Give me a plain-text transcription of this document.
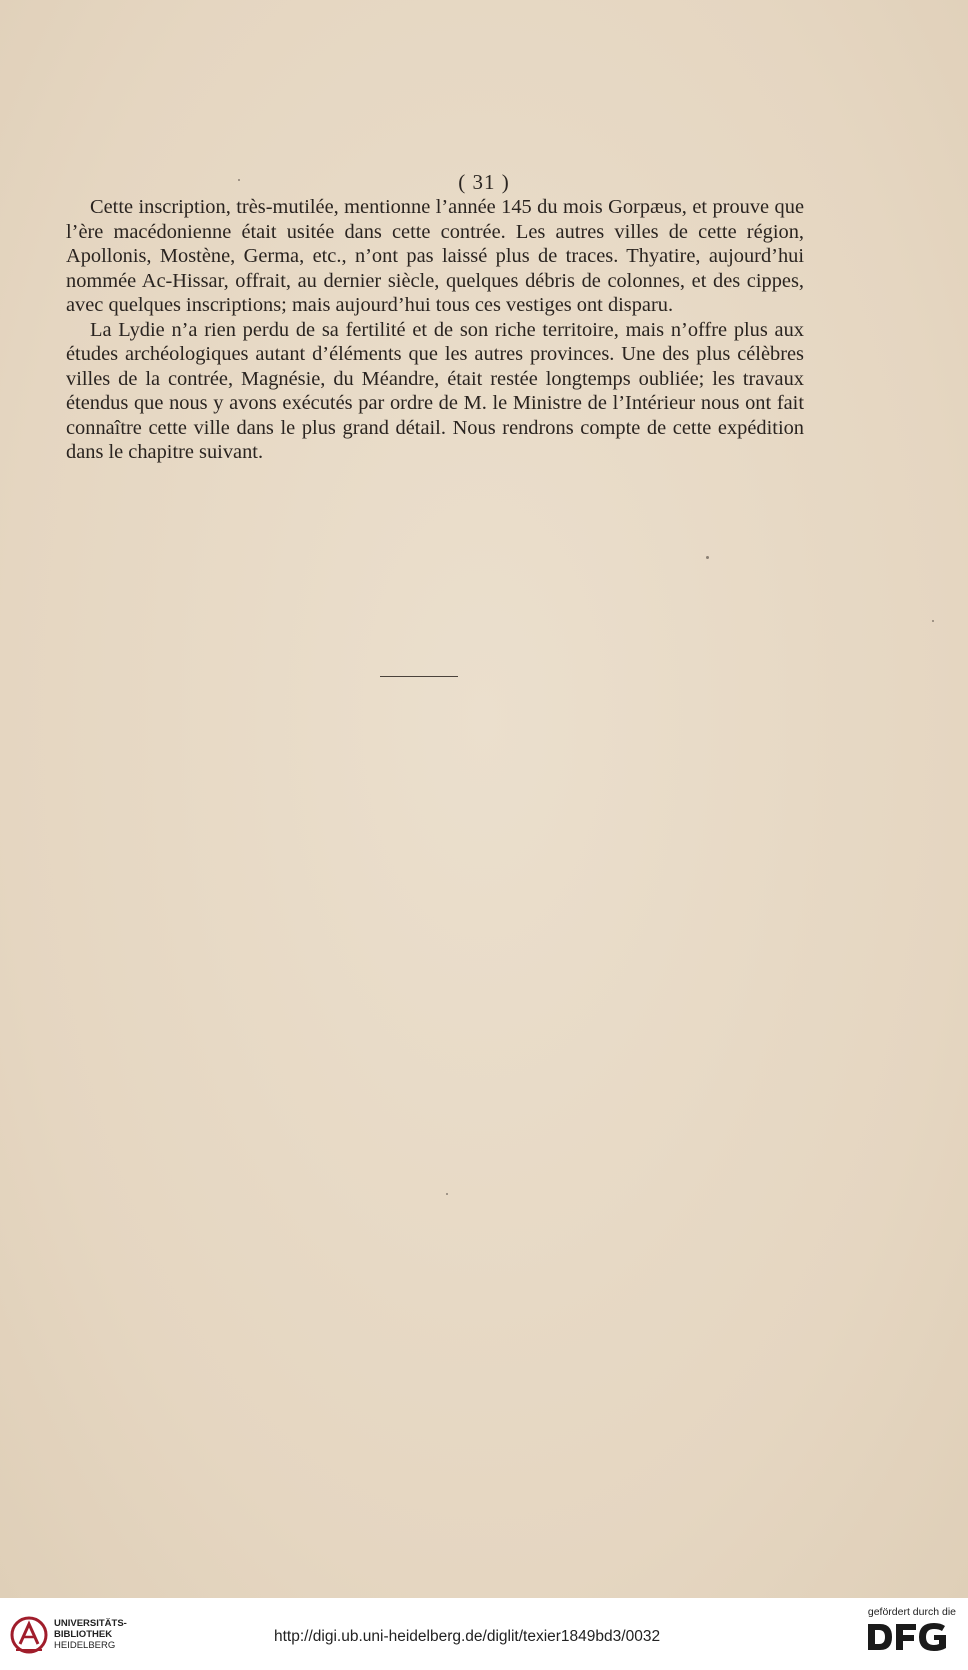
( 31 )

Cette inscription, très-mutilée, mentionne l’année 145 du mois Gorpæus, et prouve que l’ère macédonienne était usitée dans cette contrée. Les autres villes de cette région, Apollonis, Mostène, Germa, etc., n’ont pas laissé plus de traces. Thyatire, aujourd’hui nommée Ac-Hissar, offrait, au dernier siècle, quelques débris de colonnes, et des cippes, avec quelques inscriptions; mais aujourd’hui tous ces vestiges ont disparu.

La Lydie n’a rien perdu de sa fertilité et de son riche territoire, mais n’offre plus aux études archéologiques autant d’éléments que les autres provinces. Une des plus célèbres villes de la contrée, Magnésie, du Méandre, était restée longtemps oubliée; les travaux étendus que nous y avons exécutés par ordre de M. le Ministre de l’Intérieur nous ont fait connaître cette ville dans le plus grand détail. Nous rendrons compte de cette expédition dans le chapitre suivant.

UNIVERSITÄTS-
BIBLIOTHEK
HEIDELBERG
http://digi.ub.uni-heidelberg.de/diglit/texier1849bd3/0032
gefördert durch die
